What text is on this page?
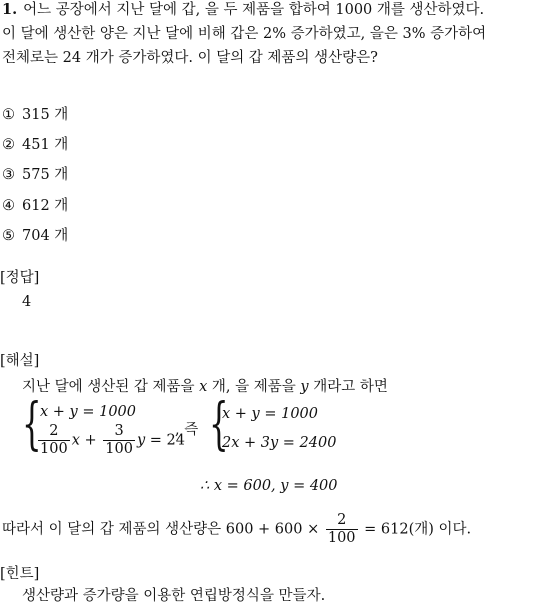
1. 어느 공장에서 지난 달에 갑, 을 두 제품을 합하여 1000 개를 생산하였다.
이 달에 생산한 양은 지난 달에 비해 갑은 2% 증가하였고, 을은 3% 증가하여
전체로는 24 개가 증가하였다. 이 달의 갑 제품의 생산량은?
① 315 개
② 451 개
③ 575 개
④ 612 개
⑤ 704 개
[정답]
4
[해설]
지난 달에 생산된 갑 제품을 x 개, 을 제품을 y 개라고 하면
{
x + y = 1000
$\frac{2}{100}$ $x + \frac{3}{100}$ y = 24
, 즉 {
x + y = 1000
2x + 3y = 2400
∴ x = 600, y = 400
따라서 이 달의 갑 제품의 생산량은 $600 + 600 \times \frac{2}{100} = 612$(개) 이다.
[힌트]
생산량과 증가량을 이용한 연립방정식을 만들자.
